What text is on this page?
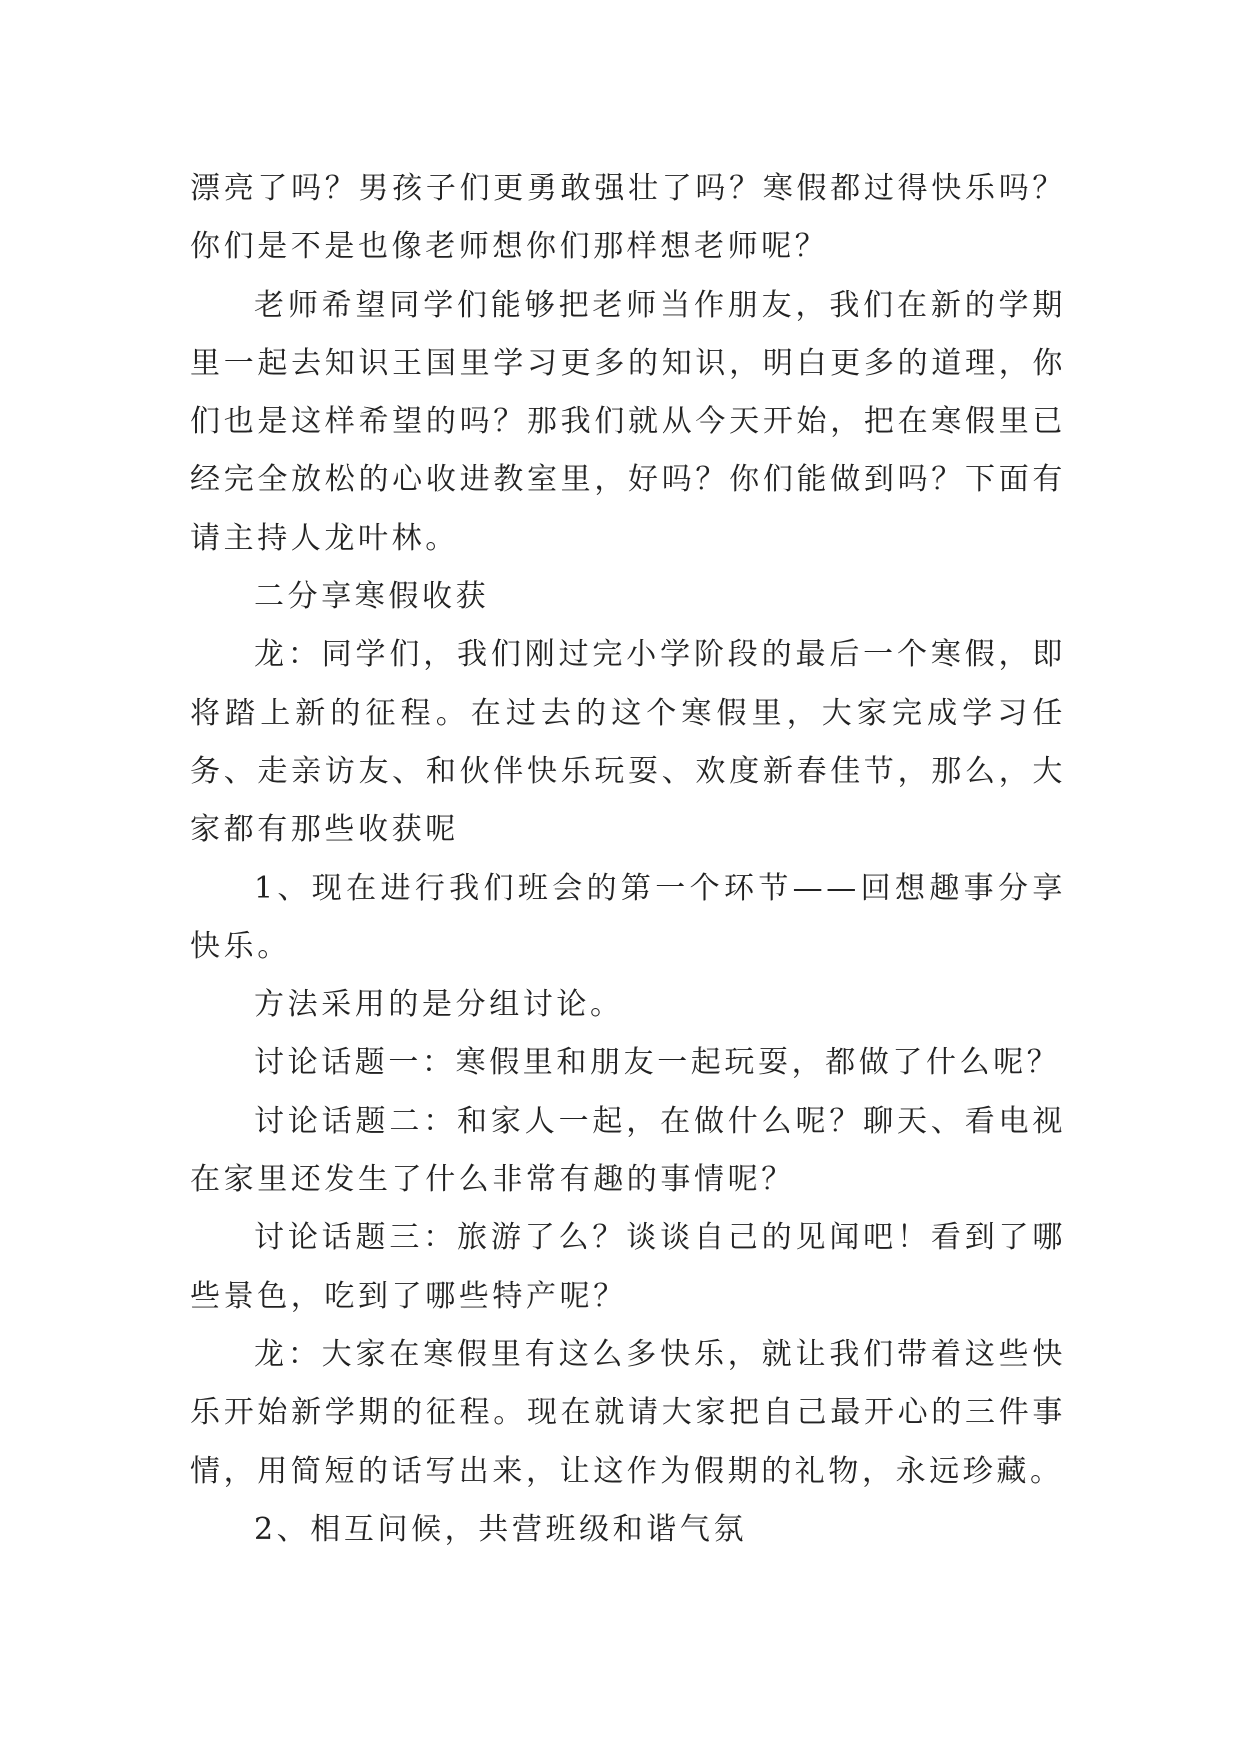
漂亮了吗？男孩子们更勇敢强壮了吗？寒假都过得快乐吗？你们是不是也像老师想你们那样想老师呢？

老师希望同学们能够把老师当作朋友，我们在新的学期里一起去知识王国里学习更多的知识，明白更多的道理，你们也是这样希望的吗？那我们就从今天开始，把在寒假里已经完全放松的心收进教室里，好吗？你们能做到吗？下面有请主持人龙叶林。

二分享寒假收获

龙：同学们，我们刚过完小学阶段的最后一个寒假，即将踏上新的征程。在过去的这个寒假里，大家完成学习任务、走亲访友、和伙伴快乐玩耍、欢度新春佳节，那么，大家都有那些收获呢

1、现在进行我们班会的第一个环节——回想趣事分享快乐。

方法采用的是分组讨论。

讨论话题一：寒假里和朋友一起玩耍，都做了什么呢？

讨论话题二：和家人一起，在做什么呢？聊天、看电视在家里还发生了什么非常有趣的事情呢？

讨论话题三：旅游了么？谈谈自己的见闻吧！看到了哪些景色，吃到了哪些特产呢？

龙：大家在寒假里有这么多快乐，就让我们带着这些快乐开始新学期的征程。现在就请大家把自己最开心的三件事情，用简短的话写出来，让这作为假期的礼物，永远珍藏。

2、相互问候，共营班级和谐气氛
